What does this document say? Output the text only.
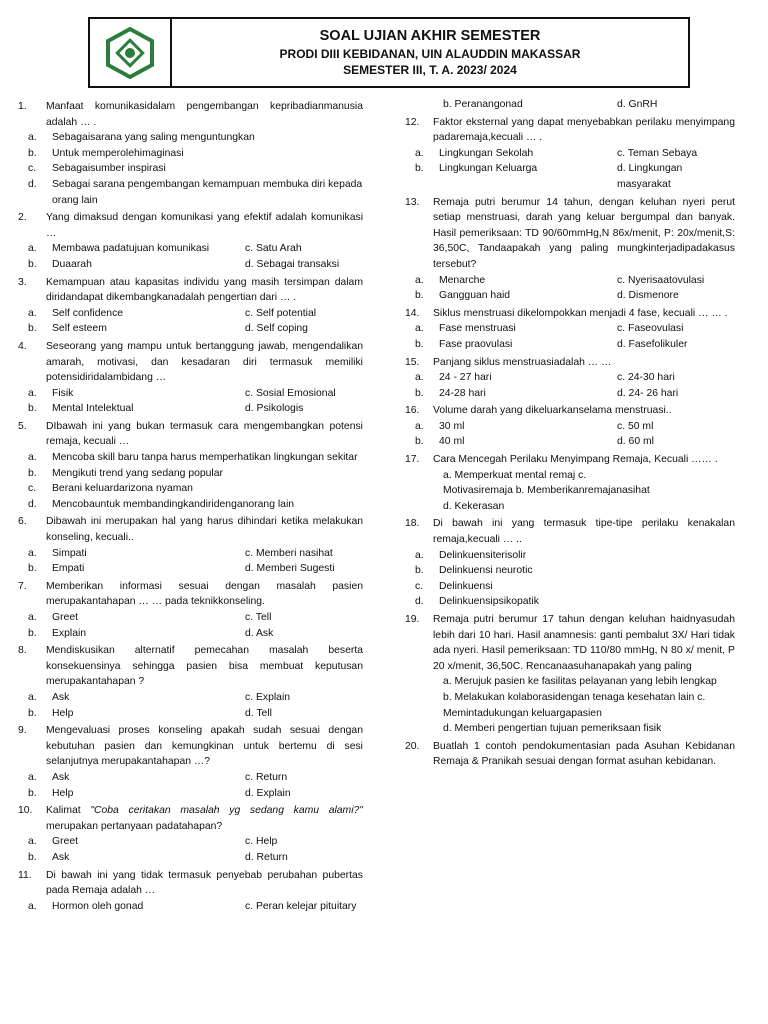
SOAL UJIAN AKHIR SEMESTER
PRODI DIII KEBIDANAN, UIN ALAUDDIN MAKASSAR
SEMESTER III, T. A. 2023/ 2024
1.	Manfaat komunikasidalam pengembangan kepribadianmanusia adalah … .
a.	Sebagaisarana yang saling menguntungkan
b.	Untuk memperolehimaginasi
c.	Sebagaisumber inspirasi
d.	Sebagai sarana pengembangan kemampuan membuka diri kepada orang lain
2.	Yang dimaksud dengan komunikasi yang efektif adalah komunikasi …
a.	Membawa padatujuan komunikasi	c. Satu Arah
b.	Duaarah	d. Sebagai transaksi
3.	Kemampuan atau kapasitas individu yang masih tersimpan dalam diridandapat dikembangkanadalah pengertian dari … .
a.	Self confidence	c. Self potential
b.	Self esteem	d. Self coping
4.	Seseorang yang mampu untuk bertanggung jawab, mengendalikan amarah, motivasi, dan kesadaran diri termasuk memiliki potensidiridalambidang …
a.	Fisik	c. Sosial Emosional
b.	Mental Intelektual	d. Psikologis
5.	DIbawah ini yang bukan termasuk cara mengembangkan potensi remaja, kecuali …
a.	Mencoba skill baru tanpa harus memperhatikan lingkungan sekitar
b.	Mengikuti trend yang sedang popular
c.	Berani keluardarizona nyaman
d.	Mencobauntuk membandingkandiridenganorang lain
6.	Dibawah ini merupakan hal yang harus dihindari ketika melakukan konseling, kecuali..
a.	Simpati	c. Memberi nasihat
b.	Empati	d. Memberi Sugesti
7.	Memberikan informasi sesuai dengan masalah pasien merupakantahapan … … pada teknikkonseling.
a.	Greet	c. Tell
b.	Explain	d. Ask
8.	Mendiskusikan alternatif pemecahan masalah beserta konsekuensinya sehingga pasien bisa membuat keputusan merupakantahapan ?
a.	Ask	c. Explain
b.	Help	d. Tell
9.	Mengevaluasi proses konseling apakah sudah sesuai dengan kebutuhan pasien dan kemungkinan untuk bertemu di sesi selanjutnya merupakantahapan …?
a.	Ask	c. Return
b.	Help	d. Explain
10.	Kalimat "Coba ceritakan masalah yg sedang kamu alami?" merupakan pertanyaan padatahapan?
a.	Greet	c. Help
b.	Ask	d. Return
11.	Di bawah ini yang tidak termasuk penyebab perubahan pubertas pada Remaja adalah …
a.	Hormon oleh gonad	c. Peran kelejar pituitary
b. Peranangonad	d. GnRH
12.	Faktor eksternal yang dapat menyebabkan perilaku menyimpang padaremaja,kecuali … .
a.	Lingkungan Sekolah	c. Teman Sebaya
b.	Lingkungan Keluarga	d. Lingkungan masyarakat
13.	Remaja putri berumur 14 tahun, dengan keluhan nyeri perut setiap menstruasi, darah yang keluar bergumpal dan banyak. Hasil pemeriksaan: TD 90/60mmHg,N 86x/menit, P: 20x/menit,S: 36,50C, Tandaapakah yang paling mungkinterjadipadakasus tersebut?
a.	Menarche	c. Nyerisaatovulasi
b.	Gangguan haid	d. Dismenore
14.	Siklus menstruasi dikelompokkan menjadi 4 fase, kecuali … … .
a.	Fase menstruasi	c. Faseovulasi
b.	Fase praovulasi	d. Fasefolikuler
15.	Panjang siklus menstruasiadalah … …
a.	24 - 27 hari	c. 24-30 hari
b.	24-28 hari	d. 24- 26 hari
16.	Volume darah yang dikeluarkanselama menstruasi..
a.	30 ml	c. 50 ml
b.	40 ml	d. 60 ml
17.	Cara Mencegah Perilaku Menyimpang Remaja, Kecuali …… .
a. Memperkuat mental remaj c.
Motivasiremaja b. Memberikanremajanasihat
d. Kekerasan
18.	Di bawah ini yang termasuk tipe-tipe perilaku kenakalan remaja,kecuali … ..
a.	Delinkuensiterisolir
b.	Delinkuensi neurotic
c.	Delinkuensi
d.	Delinkuensipsikopatik
19.	Remaja putri berumur 17 tahun dengan keluhan haidnyasudah lebih dari 10 hari. Hasil anamnesis: ganti pembalut 3X/ Hari tidak ada nyeri. Hasil pemeriksaan: TD 110/80 mmHg, N 80 x/ menit, P 20 x/menit, 36,50C. Rencanaasuhanapakah yang paling
a. Merujuk pasien ke fasilitas pelayanan yang lebih lengkap
b. Melakukan kolaborasidengan tenaga kesehatan lain c. Memintadukungan keluargapasien
d. Memberi pengertian tujuan pemeriksaan fisik
20.	Buatlah 1 contoh pendokumentasian pada Asuhan Kebidanan Remaja & Pranikah sesuai dengan format asuhan kebidanan.
